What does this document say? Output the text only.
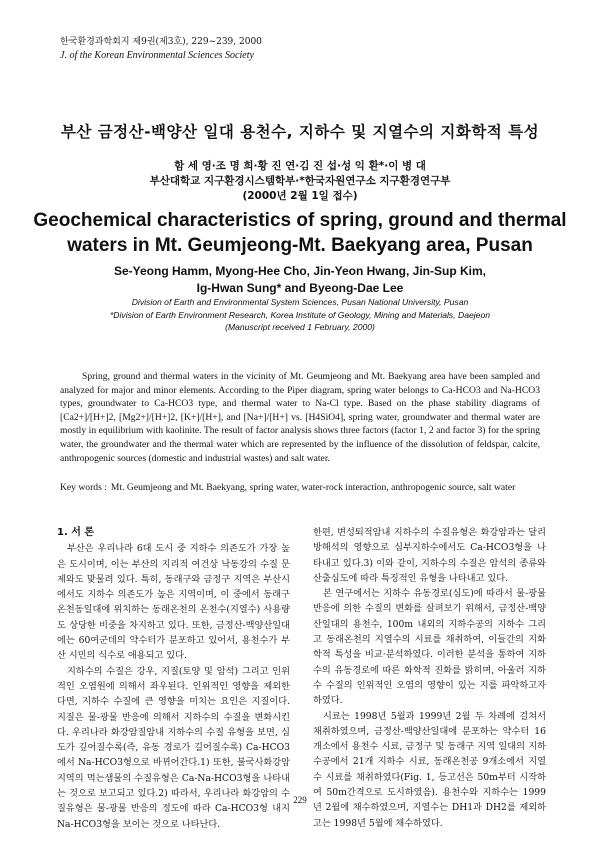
한국환경과학회지 제9권(제3호), 229~239, 2000
J. of the Korean Environmental Sciences Society
부산 금정산-백양산 일대 용천수, 지하수 및 지열수의 지화학적 특성
함 세 영·조 명 희·황 진 연·김 진 섭·성 익 환*·이 병 대
부산대학교 지구환경시스템학부·*한국자원연구소 지구환경연구부
(2000년 2월 1일 접수)
Geochemical characteristics of spring, ground and thermal
waters in Mt. Geumjeong-Mt. Baekyang area, Pusan
Se-Yeong Hamm, Myong-Hee Cho, Jin-Yeon Hwang, Jin-Sup Kim,
Ig-Hwan Sung* and Byeong-Dae Lee
Division of Earth and Environmental System Sciences, Pusan National University, Pusan
*Division of Earth Environment Research, Korea Institute of Geology, Mining and Materials, Daejeon
(Manuscript received 1 February, 2000)
Spring, ground and thermal waters in the vicinity of Mt. Geumjeong and Mt. Baekyang area have been sampled and analyzed for major and minor elements. According to the Piper diagram, spring water belongs to Ca-HCO3 and Na-HCO3 types, groundwater to Ca-HCO3 type, and thermal water to Na-Cl type. Based on the phase stability diagrams of [Ca2+]/[H+]2, [Mg2+]/[H+]2, [K+]/[H+], and [Na+]/[H+] vs. [H4SiO4], spring water, groundwater and thermal water are mostly in equilibrium with kaolinite. The result of factor analysis shows three factors (factor 1, 2 and factor 3) for the spring water, the groundwater and the thermal water which are represented by the influence of the dissolution of feldspar, calcite, anthropogenic sources (domestic and industrial wastes) and salt water.
Key words : Mt. Geumjeong and Mt. Baekyang, spring water, water-rock interaction, anthropogenic source, salt water
1. 서 론

부산은 우리나라 6대 도시 중 지하수 의존도가 가장 높은 도시이며, 이는 부산의 지리적 여건상 낙동강의 수질 문제와도 맞물려 있다. 특히, 동래구와 금정구 지역은 부산시에서도 지하수 의존도가 높은 지역이며, 이 중에서 동래구 온천동일대에 위치하는 동래온천의 온천수(지열수) 사용량도 상당한 비중을 차지하고 있다. 또한, 금정산-백양산일대에는 60여군데의 약수터가 분포하고 있어서, 용천수가 부산 시민의 식수로 애용되고 있다.

지하수의 수질은 강우, 지질(토양 및 암석) 그리고 인위적인 오염원에 의해서 좌우된다. 인위적인 영향을 제외한다면, 지하수 수질에 큰 영향을 미치는 요인은 지질이다. 지질은 물-광물 반응에 의해서 지하수의 수질을 변화시킨다. 우리나라 화강암질암내 지하수의 수질 유형을 보면, 심도가 깊어질수록(즉, 유동 경로가 길어질수록) Ca-HCO3에서 Na-HCO3형으로 바뀌어간다.1) 또한, 불국사화강암 지역의 먹는샘물의 수질유형은 Ca-Na-HCO3형을 나타내는 것으로 보고되고 있다.2) 따라서, 우리나라 화강암의 수질유형은 물-광물 반응의 정도에 따라 Ca-HCO3형 내지 Na-HCO3형을 보이는 것으로 나타난다.

한편, 변성퇴적암내 지하수의 수질유형은 화강암과는 달리 방해석의 영향으로 심부지하수에서도 Ca-HCO3형을 나타내고 있다.3) 이와 같이, 지하수의 수질은 암석의 종류와 산출심도에 따라 특징적인 유형을 나타내고 있다.

본 연구에서는 지하수 유동경로(심도)에 따라서 물-광물 반응에 의한 수질의 변화를 살펴보기 위해서, 금정산-백양산일대의 용천수, 100m 내외의 지하수공의 지하수 그리고 동래온천의 지열수의 시료를 채취하여, 이들간의 지화학적 특성을 비교·분석하였다. 이러한 분석을 통하여 지하수의 유동경로에 따른 화학적 진화를 밝히며, 아울러 지하수 수질의 인위적인 오염의 영향이 있는 지를 파악하고자 하였다.

시료는 1998년 5월과 1999년 2월 두 차례에 걸쳐서 채취하였으며, 금정산-백양산일대에 분포하는 약수터 16개소에서 용천수 시료, 금정구 및 동래구 지역 일대의 지하수공에서 21개 지하수 시료, 동래온천공 9개소에서 지열수 시료를 채취하였다(Fig. 1, 등고선은 50m부터 시작하여 50m간격으로 도시하였음). 용천수와 지하수는 1999년 2월에 채수하였으며, 지열수는 DH1과 DH2를 제외하고는 1998년 5월에 채수하였다.

229
